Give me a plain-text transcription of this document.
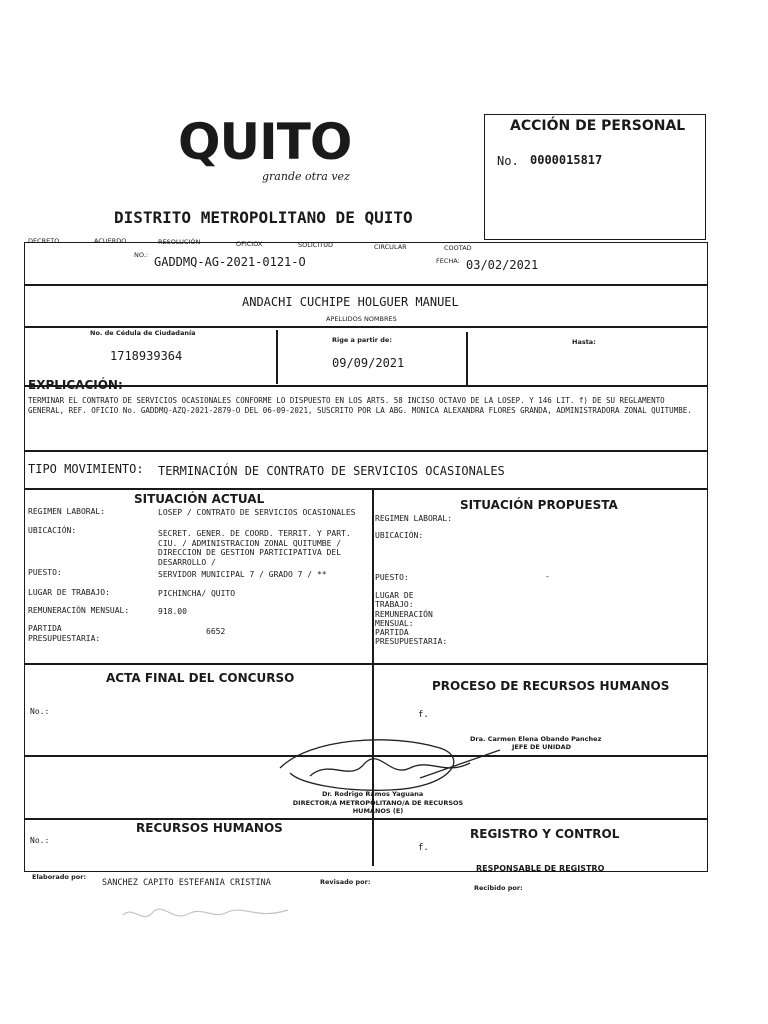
QUITO
grande otra vez
DISTRITO METROPOLITANO DE QUITO
ACCIÓN DE PERSONAL
No. 0000015817
DECRETO	ACUERDO	RESOLUCIÓN	OFICIOX	SOLICITUD	CIRCULAR	COOTAD
NO.: GADDMQ-AG-2021-0121-O	FECHA: 03/02/2021
ANDACHI CUCHIPE HOLGUER MANUEL
APELLIDOS NOMBRES
No. de Cédula de Ciudadanía
1718939364
Rige a partir de:
09/09/2021
Hasta:
EXPLICACIÓN:
TERMINAR EL CONTRATO DE SERVICIOS OCASIONALES CONFORME LO DISPUESTO EN LOS ARTS. 58 INCISO OCTAVO DE LA LOSEP. Y 146 LIT. f) DE SU REGLAMENTO GENERAL, REF. OFICIO No. GADDMQ-AZQ-2021-2879-O DEL 06-09-2021, SUSCRITO POR LA ABG. MONICA ALEXANDRA FLORES GRANDA, ADMINISTRADORA ZONAL QUITUMBE.
TIPO MOVIMIENTO: TERMINACIÓN DE CONTRATO DE SERVICIOS OCASIONALES
SITUACIÓN ACTUAL	SITUACIÓN PROPUESTA
REGIMEN LABORAL:	LOSEP / CONTRATO DE SERVICIOS OCASIONALES
UBICACIÓN:	SECRET. GENER. DE COORD. TERRIT. Y PART. CIU. / ADMINISTRACION ZONAL QUITUMBE / DIRECCION DE GESTION PARTICIPATIVA DEL DESARROLLO /
PUESTO:	SERVIDOR MUNICIPAL 7 / GRADO 7 / **
LUGAR DE TRABAJO:	PICHINCHA/ QUITO
REMUNERACIÓN MENSUAL:	918.00
PARTIDA PRESUPUESTARIA:
6652
REGIMEN LABORAL:
UBICACIÓN:
PUESTO:	-
LUGAR DE TRABAJO:
REMUNERACIÓN MENSUAL:
PARTIDA PRESUPUESTARIA:
ACTA FINAL DEL CONCURSO
No.:
PROCESO DE RECURSOS HUMANOS
f.
Dra. Carmen Elena Obando Panchez
JEFE DE UNIDAD
Dr. Rodrigo Ramos Yaguana
DIRECTOR/A METROPOLITANO/A DE RECURSOS HUMANOS (E)
RECURSOS HUMANOS
No.:	REGISTRO Y CONTROL
f.
RESPONSABLE DE REGISTRO
Elaborado por:
SANCHEZ CAPITO ESTEFANIA CRISTINA	Revisado por:
Recibido por:
